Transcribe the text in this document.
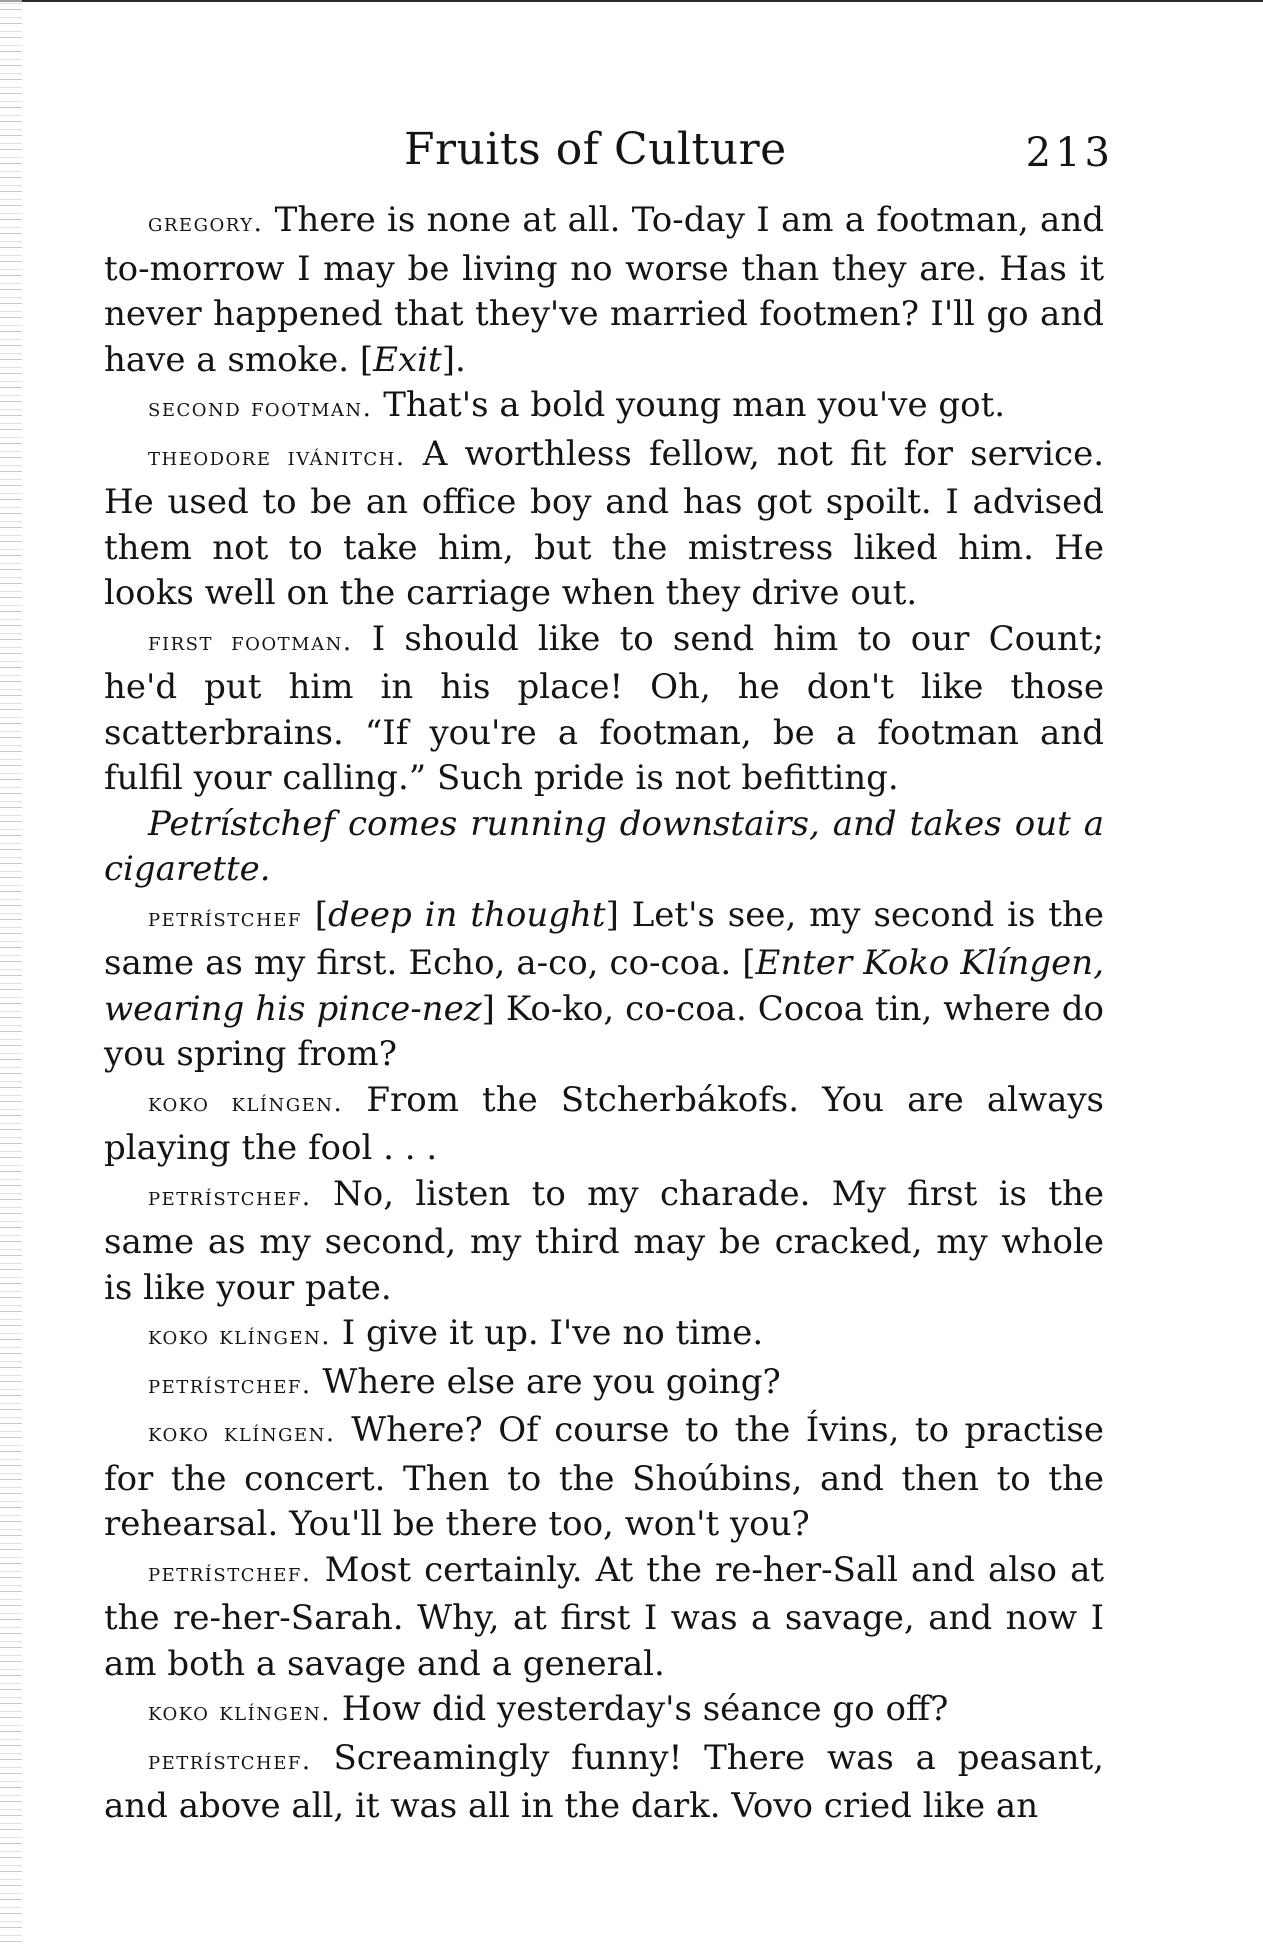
Fruits of Culture	213

gregory. There is none at all. To-day I am a footman, and to-morrow I may be living no worse than they are. Has it never happened that they've married footmen? I'll go and have a smoke. [Exit].

second footman. That's a bold young man you've got.

theodore ivánitch. A worthless fellow, not fit for service. He used to be an office boy and has got spoilt. I advised them not to take him, but the mistress liked him. He looks well on the carriage when they drive out.

first footman. I should like to send him to our Count; he'd put him in his place! Oh, he don't like those scatterbrains. “If you're a footman, be a footman and fulfil your calling.” Such pride is not befitting.

Petrístchef comes running downstairs, and takes out a cigarette.

petrístchef [deep in thought] Let's see, my second is the same as my first. Echo, a-co, co-coa. [Enter Koko Klíngen, wearing his pince-nez] Ko-ko, co-coa. Cocoa tin, where do you spring from?

koko klíngen. From the Stcherbákofs. You are always playing the fool . . .

petrístchef. No, listen to my charade. My first is the same as my second, my third may be cracked, my whole is like your pate.

koko klíngen. I give it up. I've no time.

petrístchef. Where else are you going?

koko klíngen. Where? Of course to the Ívins, to practise for the concert. Then to the Shoúbins, and then to the rehearsal. You'll be there too, won't you?

petrístchef. Most certainly. At the re-her-Sall and also at the re-her-Sarah. Why, at first I was a savage, and now I am both a savage and a general.

koko klíngen. How did yesterday's séance go off?

petrístchef. Screamingly funny! There was a peasant, and above all, it was all in the dark. Vovo cried like an
